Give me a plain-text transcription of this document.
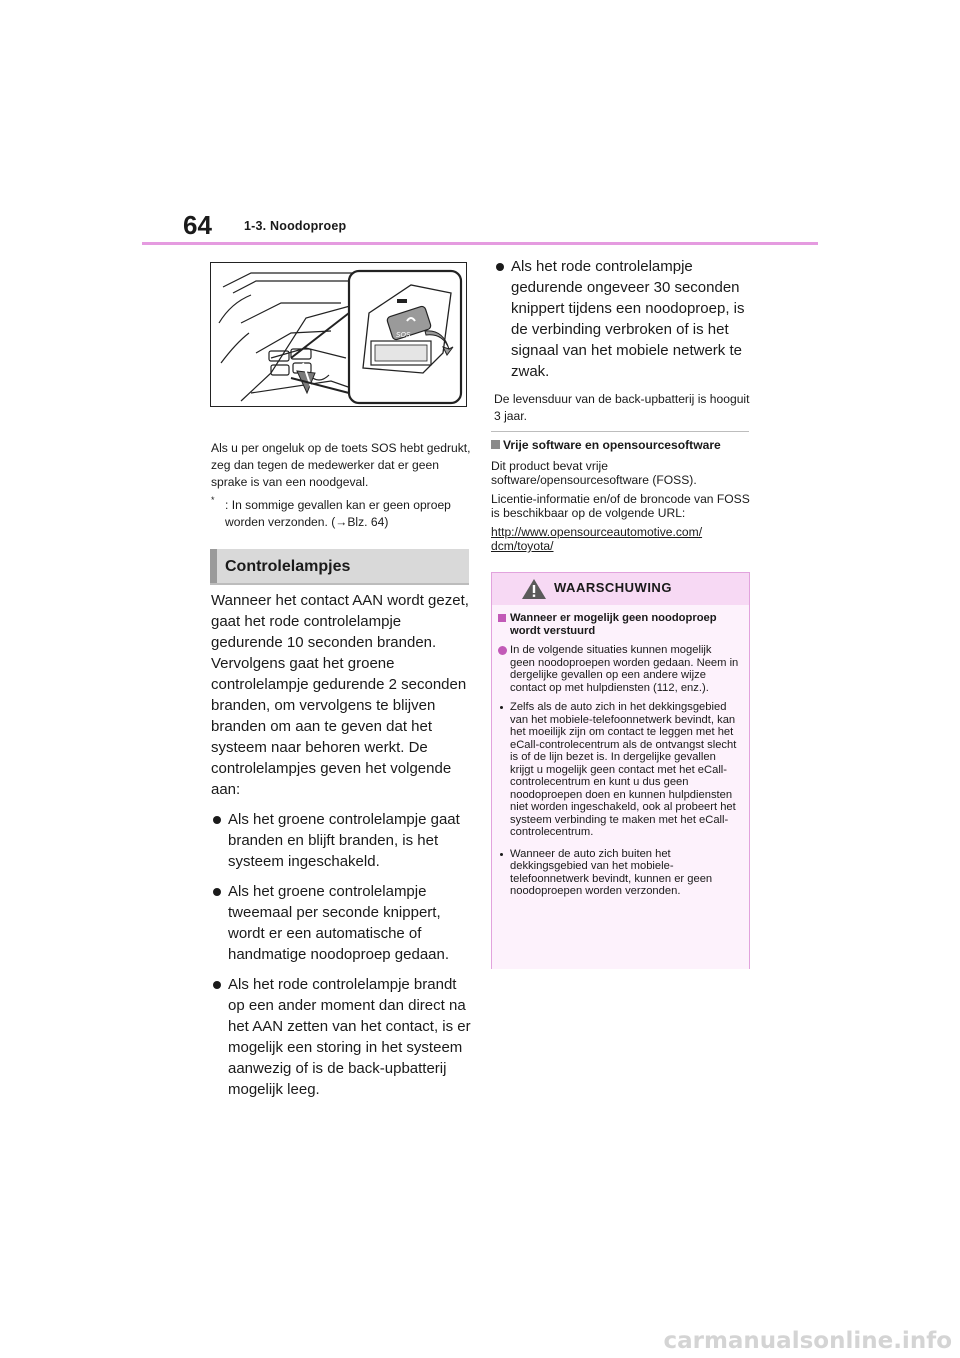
64	1-3. Noodoproep
SOS
Als u per ongeluk op de toets SOS hebt gedrukt, zeg dan tegen de medewerker dat er geen sprake is van een noodgeval.
* : In sommige gevallen kan er geen oproep worden verzonden. (→Blz. 64)
Controlelampjes

Wanneer het contact AAN wordt gezet, gaat het rode controlelampje gedurende 10 seconden branden. Vervolgens gaat het groene controlelampje gedurende 2 seconden branden, om vervolgens te blijven branden om aan te geven dat het systeem naar behoren werkt. De controlelampjes geven het volgende aan:

Als het groene controlelampje gaat branden en blijft branden, is het systeem ingeschakeld.
Als het groene controlelampje tweemaal per seconde knippert, wordt er een automatische of handmatige noodoproep gedaan.
Als het rode controlelampje brandt op een ander moment dan direct na het AAN zetten van het contact, is er mogelijk een storing in het systeem aanwezig of is de back-upbatterij mogelijk leeg.
Als het rode controlelampje gedurende ongeveer 30 seconden knippert tijdens een noodoproep, is de verbinding verbroken of is het signaal van het mobiele netwerk te zwak.

De levensduur van de back-upbatterij is hooguit 3 jaar.

Vrije software en opensourcesoftware

Dit product bevat vrije software/opensourcesoftware (FOSS).

Licentie-informatie en/of de broncode van FOSS is beschikbaar op de volgende URL:

http://www.opensourceautomotive.com/
dcm/toyota/

WAARSCHUWING
Wanneer er mogelijk geen noodoproep wordt verstuurd
In de volgende situaties kunnen mogelijk geen noodoproepen worden gedaan. Neem in dergelijke gevallen op een andere wijze contact op met hulpdiensten (112, enz.).
Zelfs als de auto zich in het dekkingsgebied van het mobiele-telefoonnetwerk bevindt, kan het moeilijk zijn om contact te leggen met het eCall-controlecentrum als de ontvangst slecht is of de lijn bezet is. In dergelijke gevallen krijgt u mogelijk geen contact met het eCall-controlecentrum en kunt u dus geen noodoproepen doen en kunnen hulpdiensten niet worden ingeschakeld, ook al probeert het systeem verbinding te maken met het eCall-controlecentrum.
Wanneer de auto zich buiten het dekkingsgebied van het mobiele-telefoonnetwerk bevindt, kunnen er geen noodoproepen worden verzonden.
carmanualsonline.info
